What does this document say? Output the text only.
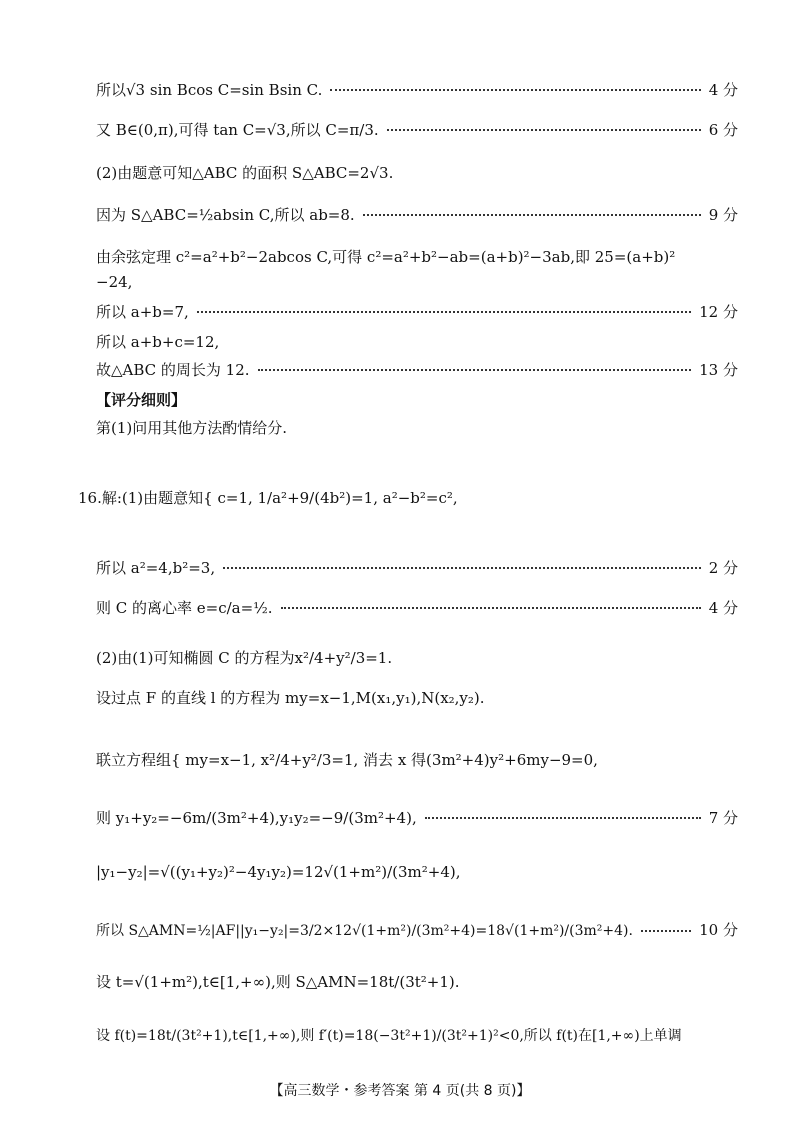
所以√3 sin Bcos C=sin Bsin C.	4 分
又 B∈(0,π),可得 tan C=√3,所以 C=π/3.	6 分
(2)由题意可知△ABC 的面积 S△ABC=2√3.
因为 S△ABC=½absin C,所以 ab=8.	9 分
由余弦定理 c²=a²+b²−2abcos C,可得 c²=a²+b²−ab=(a+b)²−3ab,即 25=(a+b)²
−24,
所以 a+b=7,	12 分
所以 a+b+c=12,
故△ABC 的周长为 12.	13 分
【评分细则】
第(1)问用其他方法酌情给分.
16.解:(1)由题意知{ c=1, 1/a²+9/(4b²)=1, a²−b²=c²,
所以 a²=4,b²=3,	2 分
则 C 的离心率 e=c/a=½.	4 分
(2)由(1)可知椭圆 C 的方程为x²/4+y²/3=1.
设过点 F 的直线 l 的方程为 my=x−1,M(x₁,y₁),N(x₂,y₂).
联立方程组{ my=x−1, x²/4+y²/3=1, 消去 x 得(3m²+4)y²+6my−9=0,
则 y₁+y₂=−6m/(3m²+4),y₁y₂=−9/(3m²+4),	7 分
|y₁−y₂|=√((y₁+y₂)²−4y₁y₂)=12√(1+m²)/(3m²+4),
所以 S△AMN=½|AF||y₁−y₂|=3/2×12√(1+m²)/(3m²+4)=18√(1+m²)/(3m²+4).	10 分
设 t=√(1+m²),t∈[1,+∞),则 S△AMN=18t/(3t²+1).
设 f(t)=18t/(3t²+1),t∈[1,+∞),则 f′(t)=18(−3t²+1)/(3t²+1)²<0,所以 f(t)在[1,+∞)上单调
【高三数学・参考答案 第 4 页(共 8 页)】
